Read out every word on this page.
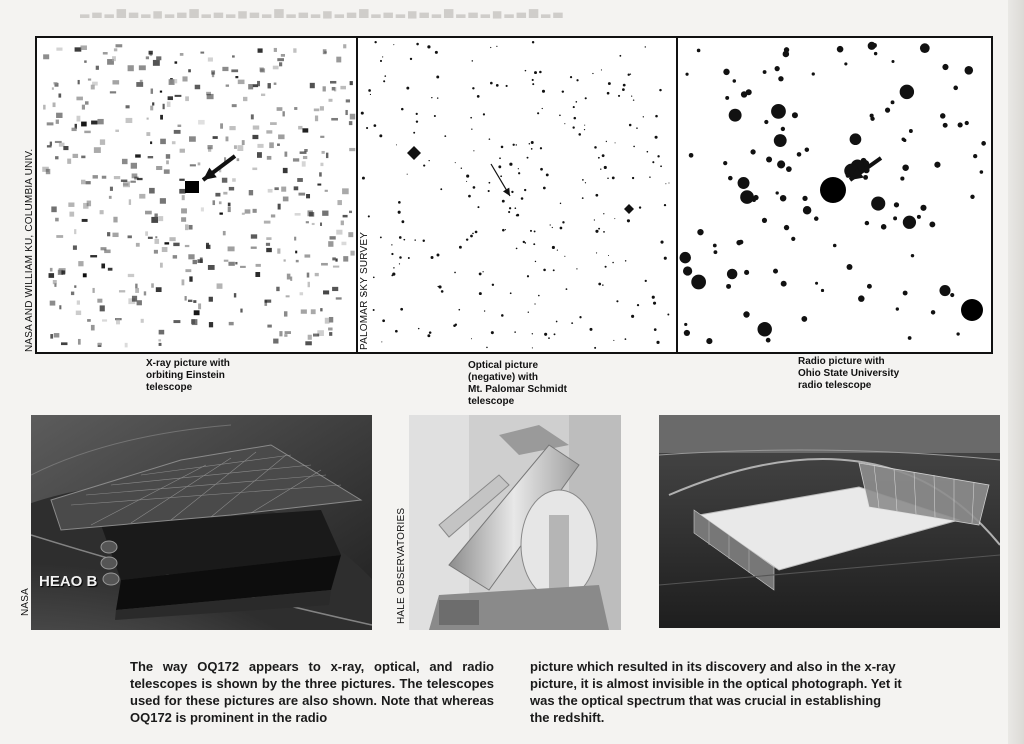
▂▃▂▅▃▂▄▂▃▅▂▃▂▄▃▂▅▂▃▂▄▂▃▅▂▃▂▄▃▂▅▂▃▂▄▂▃▅▂▃
NASA AND WILLIAM KU, COLUMBIA UNIV.	PALOMAR SKY SURVEY
X-ray picture with
orbiting Einstein
telescope
Optical picture
(negative) with
Mt. Palomar Schmidt
telescope
Radio picture with
Ohio State University
radio telescope
HEAO B
NASA	HALE OBSERVATORIES
The way OQ172 appears to x-ray, optical, and radio telescopes is shown by the three pictures. The telescopes used for these pictures are also shown. Note that whereas OQ172 is prominent in the radio
picture which resulted in its discovery and also in the x-ray picture, it is almost invisible in the optical photograph. Yet it was the optical spectrum that was crucial in establishing the redshift.
